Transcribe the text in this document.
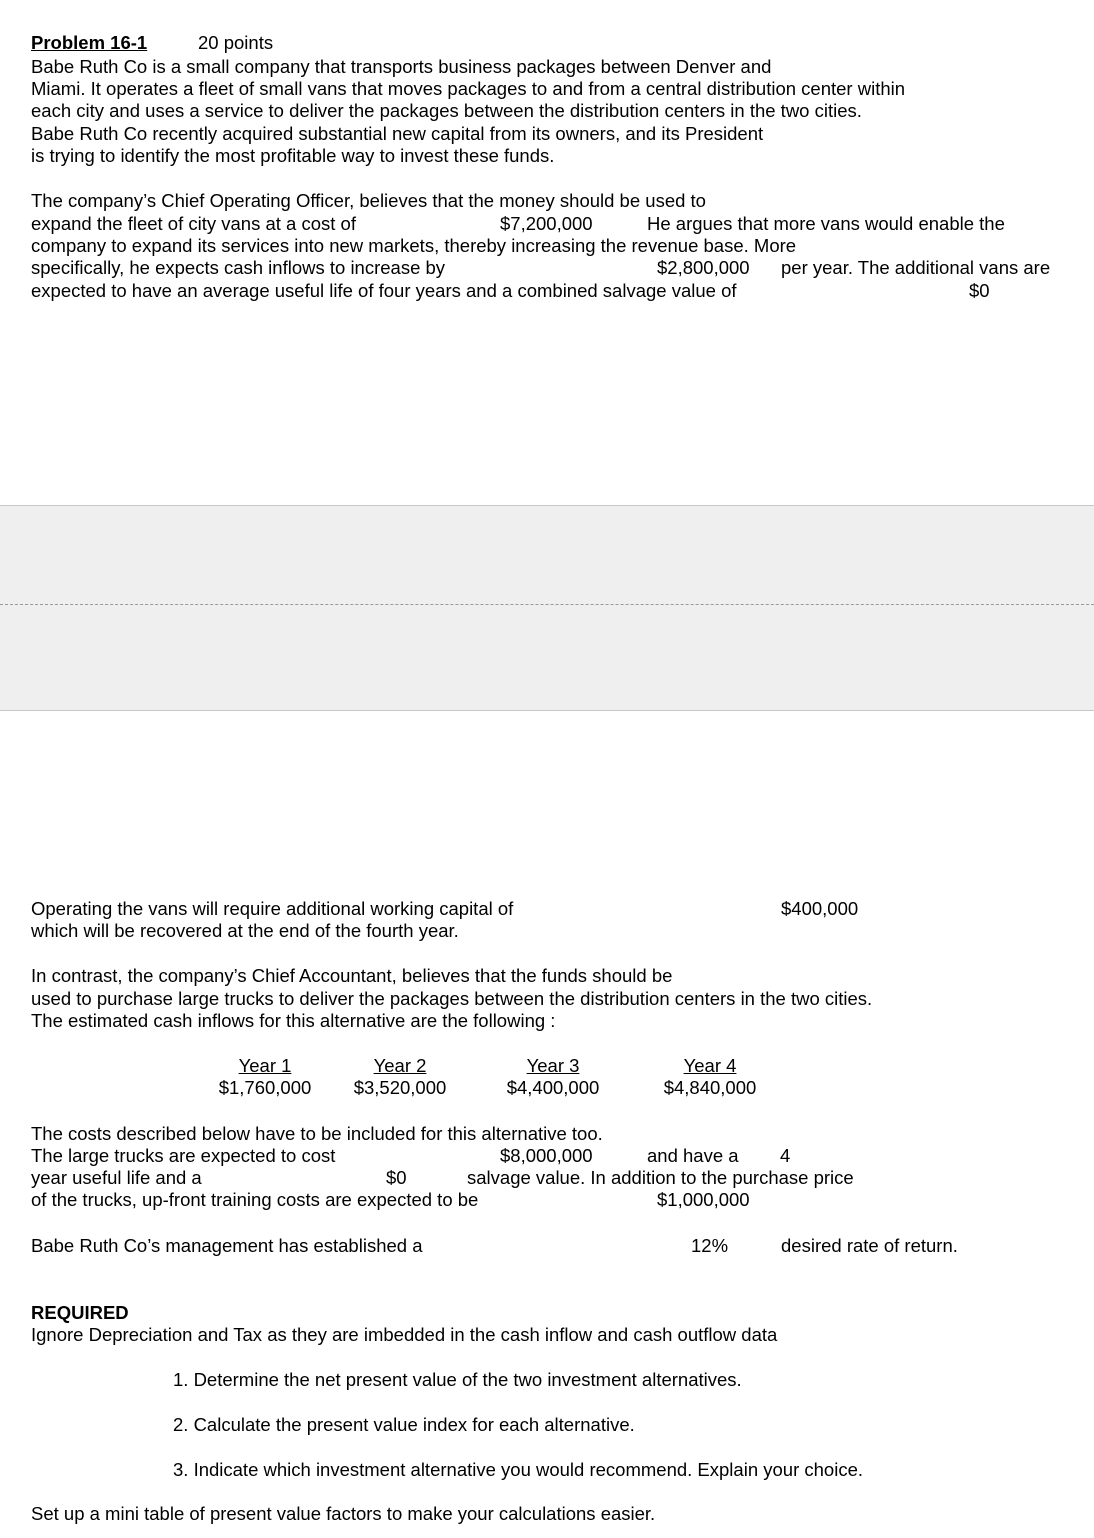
Problem 16-1	20 points
Babe Ruth Co is a small company that transports business packages between Denver and
Miami. It operates a fleet of small vans that moves packages to and from a central distribution center within
each city and uses a service to deliver the packages between the distribution centers in the two cities.
Babe Ruth Co recently acquired substantial new capital from its owners, and its President
is trying to identify the most profitable way to invest these funds.
The company’s Chief Operating Officer, believes that the money should be used to
expand the fleet of city vans at a cost of	$7,200,000	He argues that more vans would enable the
company to expand its services into new markets, thereby increasing the revenue base. More
specifically, he expects cash inflows to increase by	$2,800,000 per year. The additional vans are
expected to have an average useful life of four years and a combined salvage value of	$0
Operating the vans will require additional working capital of	$400,000
which will be recovered at the end of the fourth year.
In contrast, the company’s Chief Accountant, believes that the funds should be
used to purchase large trucks to deliver the packages between the distribution centers in the two cities.
The estimated cash inflows for this alternative are the following :
Year 1	Year 2	Year 3	Year 4
$1,760,000	$3,520,000	$4,400,000	$4,840,000
The costs described below have to be included for this alternative too.
The large trucks are expected to cost	$8,000,000	and have a 4
year useful life and a	$0	salvage value. In addition to the purchase price
of the trucks, up-front training costs are expected to be	$1,000,000
Babe Ruth Co’s management has established a	12%	desired rate of return.
REQUIRED
Ignore Depreciation and Tax as they are imbedded in the cash inflow and cash outflow data
1. Determine the net present value of the two investment alternatives.
2. Calculate the present value index for each alternative.
3. Indicate which investment alternative you would recommend. Explain your choice.
Set up a mini table of present value factors to make your calculations easier.
